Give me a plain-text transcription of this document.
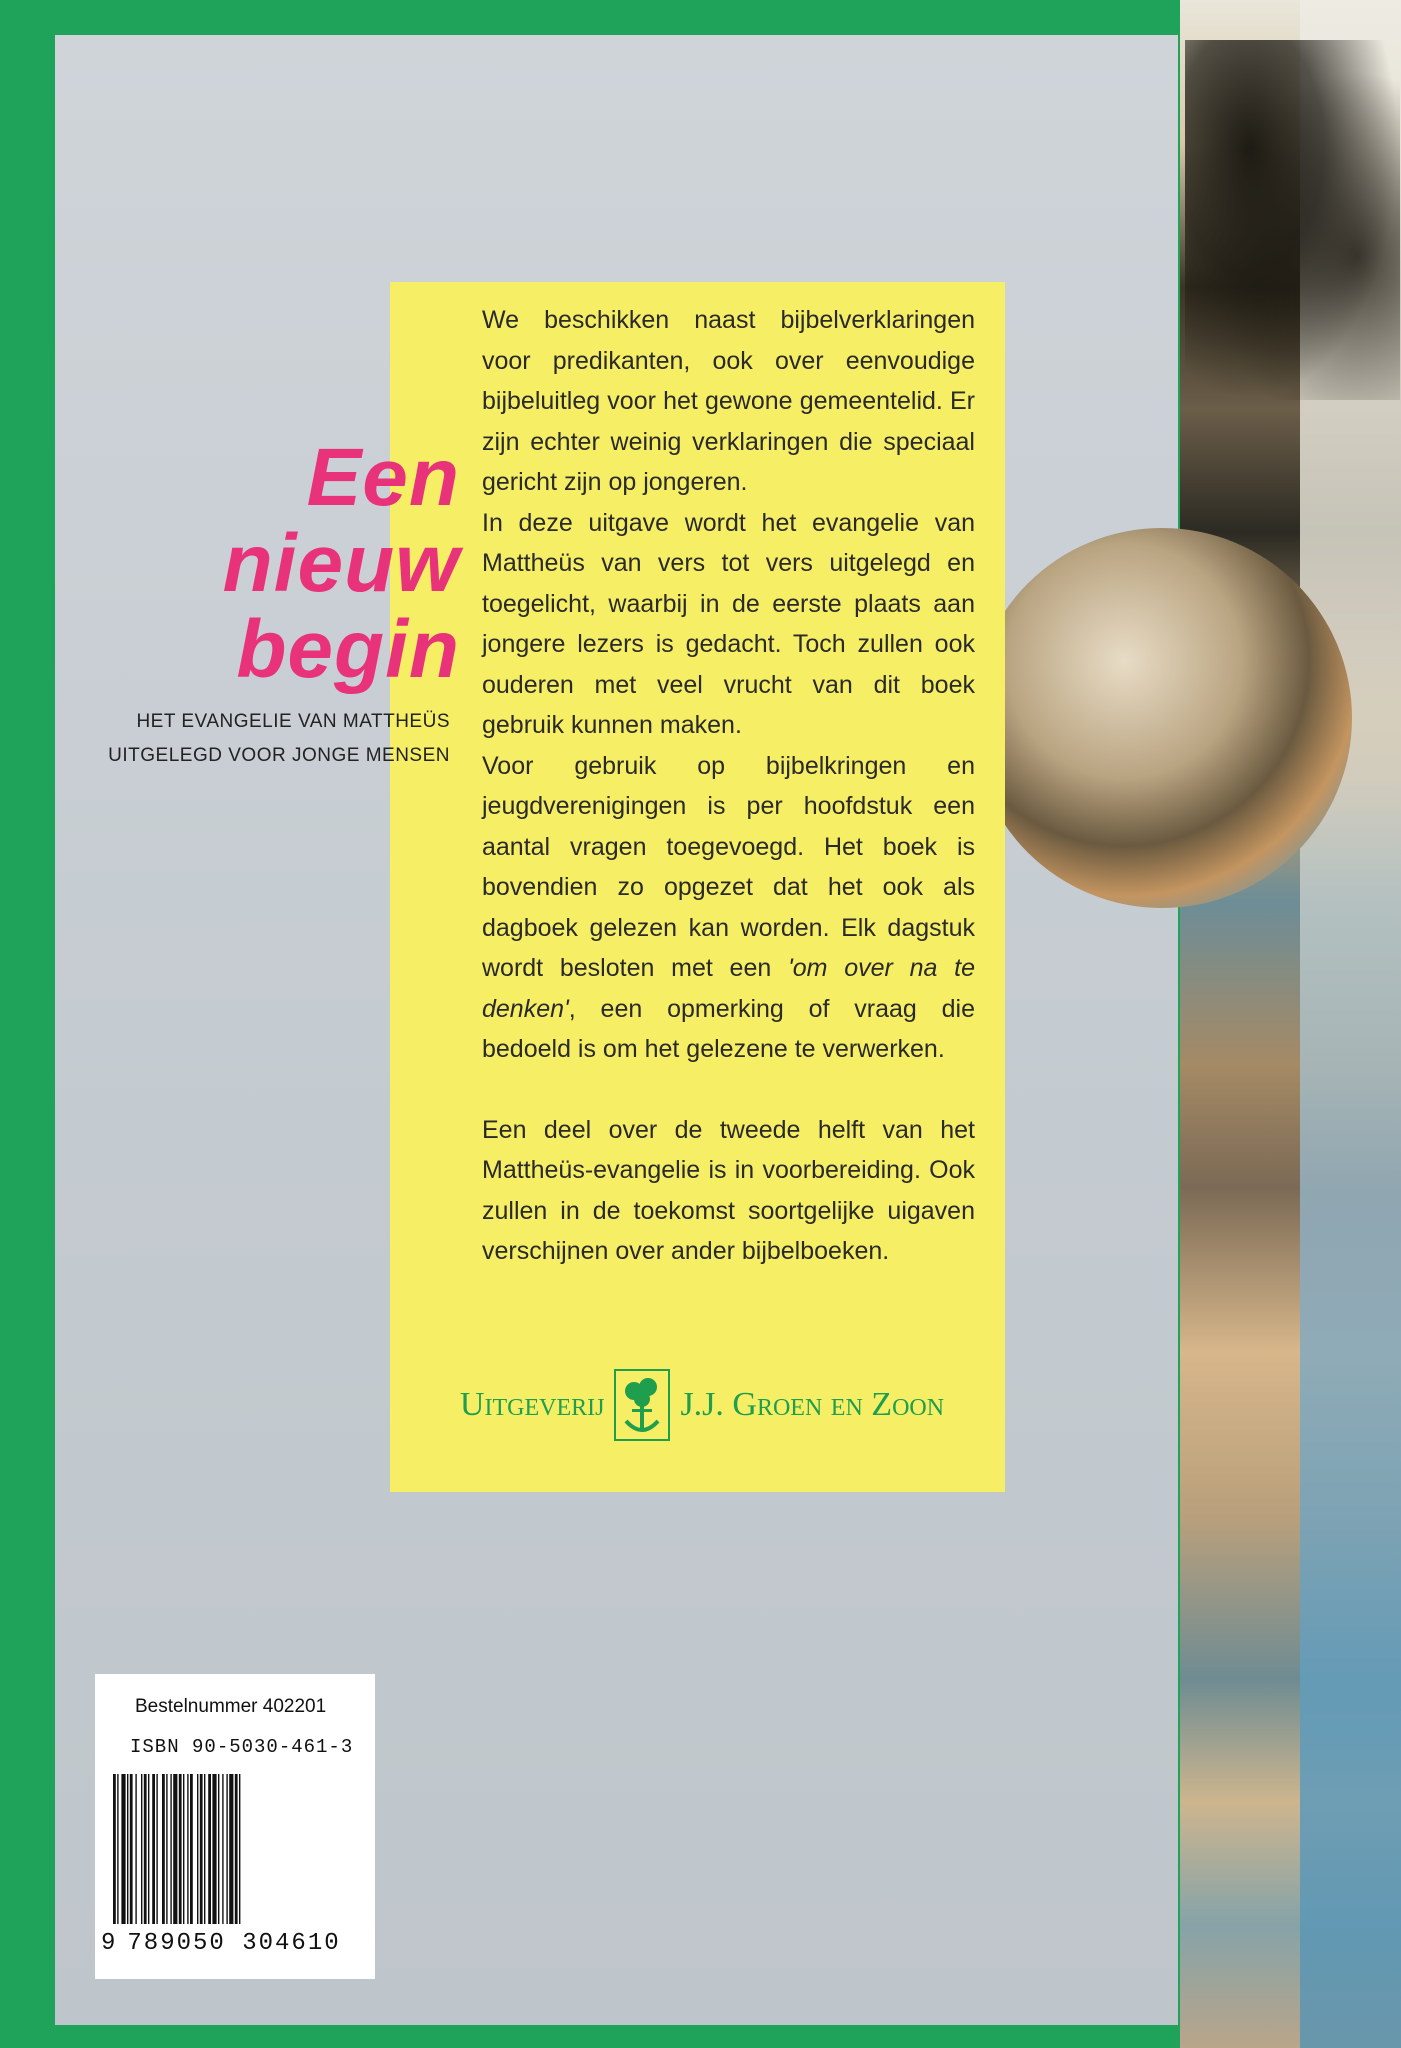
Een
nieuw
begin
HET EVANGELIE VAN MATTHEÜS
UITGELEGD VOOR JONGE MENSEN

We beschikken naast bijbelverklaringen voor predikanten, ook over eenvoudige bijbeluitleg voor het gewone gemeentelid. Er zijn echter weinig verklaringen die speciaal gericht zijn op jongeren.

In deze uitgave wordt het evangelie van Mattheüs van vers tot vers uitgelegd en toegelicht, waarbij in de eerste plaats aan jongere lezers is gedacht. Toch zullen ook ouderen met veel vrucht van dit boek gebruik kunnen maken.

Voor gebruik op bijbelkringen en jeugdverenigingen is per hoofdstuk een aantal vragen toegevoegd. Het boek is bovendien zo opgezet dat het ook als dagboek gelezen kan worden. Elk dagstuk wordt besloten met een 'om over na te denken', een opmerking of vraag die bedoeld is om het gelezene te verwerken.

Een deel over de tweede helft van het Mattheüs-evangelie is in voorbereiding. Ook zullen in de toekomst soortgelijke uigaven verschijnen over ander bijbelboeken.

Uitgeverij J.J. Groen en Zoon
Bestelnummer 402201
ISBN 90-5030-461-3
9 789050 304610
